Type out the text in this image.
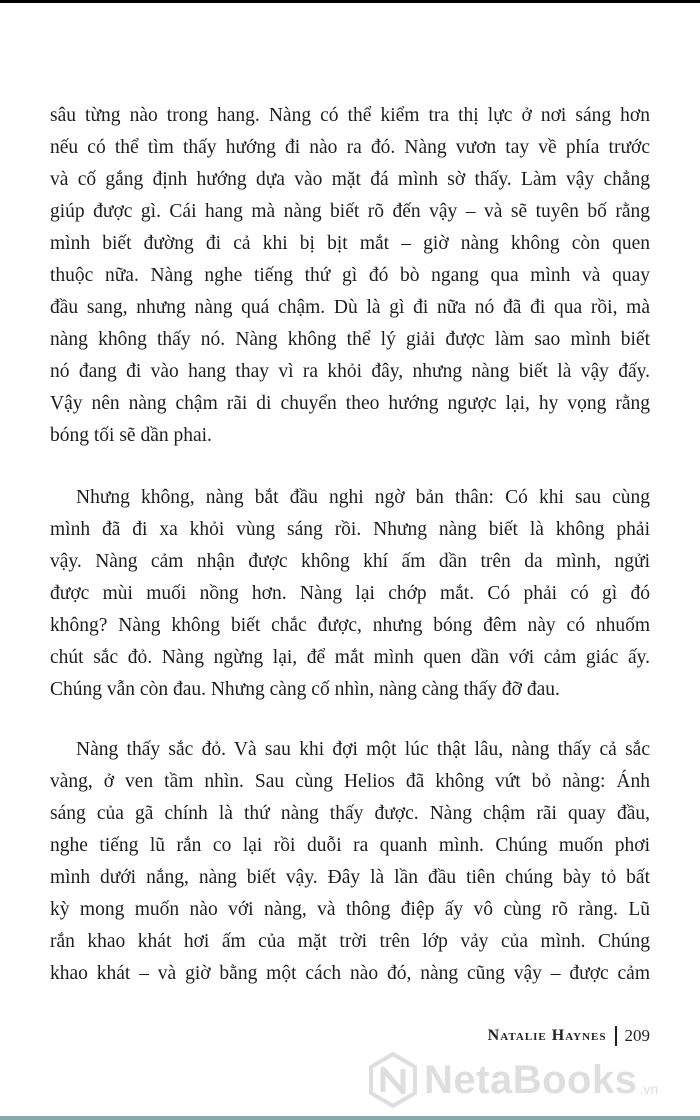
sâu từng nào trong hang. Nàng có thể kiểm tra thị lực ở nơi sáng hơn
nếu có thể tìm thấy hướng đi nào ra đó. Nàng vươn tay về phía trước
và cố gắng định hướng dựa vào mặt đá mình sờ thấy. Làm vậy chẳng
giúp được gì. Cái hang mà nàng biết rõ đến vậy – và sẽ tuyên bố rằng
mình biết đường đi cả khi bị bịt mắt – giờ nàng không còn quen
thuộc nữa. Nàng nghe tiếng thứ gì đó bò ngang qua mình và quay
đầu sang, nhưng nàng quá chậm. Dù là gì đi nữa nó đã đi qua rồi, mà
nàng không thấy nó. Nàng không thể lý giải được làm sao mình biết
nó đang đi vào hang thay vì ra khỏi đây, nhưng nàng biết là vậy đấy.
Vậy nên nàng chậm rãi di chuyển theo hướng ngược lại, hy vọng rằng
bóng tối sẽ dần phai.
Nhưng không, nàng bắt đầu nghi ngờ bản thân: Có khi sau cùng
mình đã đi xa khỏi vùng sáng rồi. Nhưng nàng biết là không phải
vậy. Nàng cảm nhận được không khí ấm dần trên da mình, ngửi
được mùi muối nồng hơn. Nàng lại chớp mắt. Có phải có gì đó
không? Nàng không biết chắc được, nhưng bóng đêm này có nhuốm
chút sắc đỏ. Nàng ngừng lại, để mắt mình quen dần với cảm giác ấy.
Chúng vẫn còn đau. Nhưng càng cố nhìn, nàng càng thấy đỡ đau.
Nàng thấy sắc đỏ. Và sau khi đợi một lúc thật lâu, nàng thấy cả sắc
vàng, ở ven tầm nhìn. Sau cùng Helios đã không vứt bỏ nàng: Ánh
sáng của gã chính là thứ nàng thấy được. Nàng chậm rãi quay đầu,
nghe tiếng lũ rắn co lại rồi duỗi ra quanh mình. Chúng muốn phơi
mình dưới nắng, nàng biết vậy. Đây là lần đầu tiên chúng bày tỏ bất
kỳ mong muốn nào với nàng, và thông điệp ấy vô cùng rõ ràng. Lũ
rắn khao khát hơi ấm của mặt trời trên lớp vảy của mình. Chúng
khao khát – và giờ bằng một cách nào đó, nàng cũng vậy – được cảm
Natalie Haynes 209
NetaBooks .vn
